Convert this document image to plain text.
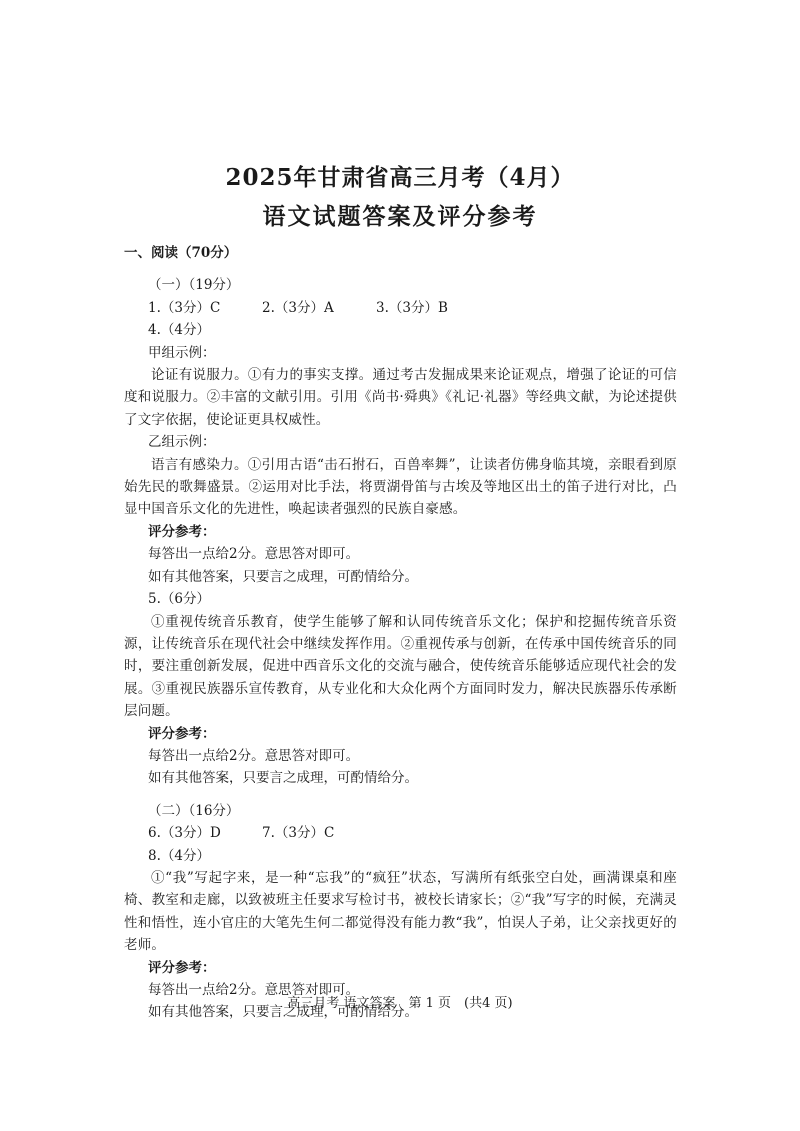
2025年甘肃省高三月考（4月）
语文试题答案及评分参考
一、阅读（70分）
（一）（19分）
1.（3分）C	2.（3分）A	3.（3分）B
4.（4分）
甲组示例：
论证有说服力。①有力的事实支撑。通过考古发掘成果来论证观点，增强了论证的可信度和说服力。②丰富的文献引用。引用《尚书·舜典》《礼记·礼器》等经典文献，为论述提供了文字依据，使论证更具权威性。
乙组示例：
语言有感染力。①引用古语“击石拊石，百兽率舞”，让读者仿佛身临其境，亲眼看到原始先民的歌舞盛景。②运用对比手法，将贾湖骨笛与古埃及等地区出土的笛子进行对比，凸显中国音乐文化的先进性，唤起读者强烈的民族自豪感。
评分参考：
每答出一点给2分。意思答对即可。
如有其他答案，只要言之成理，可酌情给分。
5.（6分）
①重视传统音乐教育，使学生能够了解和认同传统音乐文化；保护和挖掘传统音乐资源，让传统音乐在现代社会中继续发挥作用。②重视传承与创新，在传承中国传统音乐的同时，要注重创新发展，促进中西音乐文化的交流与融合，使传统音乐能够适应现代社会的发展。③重视民族器乐宣传教育，从专业化和大众化两个方面同时发力，解决民族器乐传承断层问题。
评分参考：
每答出一点给2分。意思答对即可。
如有其他答案，只要言之成理，可酌情给分。
（二）（16分）
6.（3分）D	7.（3分）C
8.（4分）
①“我”写起字来，是一种“忘我”的“疯狂”状态，写满所有纸张空白处，画满课桌和座椅、教室和走廊，以致被班主任要求写检讨书，被校长请家长；②“我”写字的时候，充满灵性和悟性，连小官庄的大笔先生何二都觉得没有能力教“我”，怕误人子弟，让父亲找更好的老师。
评分参考：
每答出一点给2分。意思答对即可。
如有其他答案，只要言之成理，可酌情给分。
高三月考 语文答案　第 1 页　(共4 页)
